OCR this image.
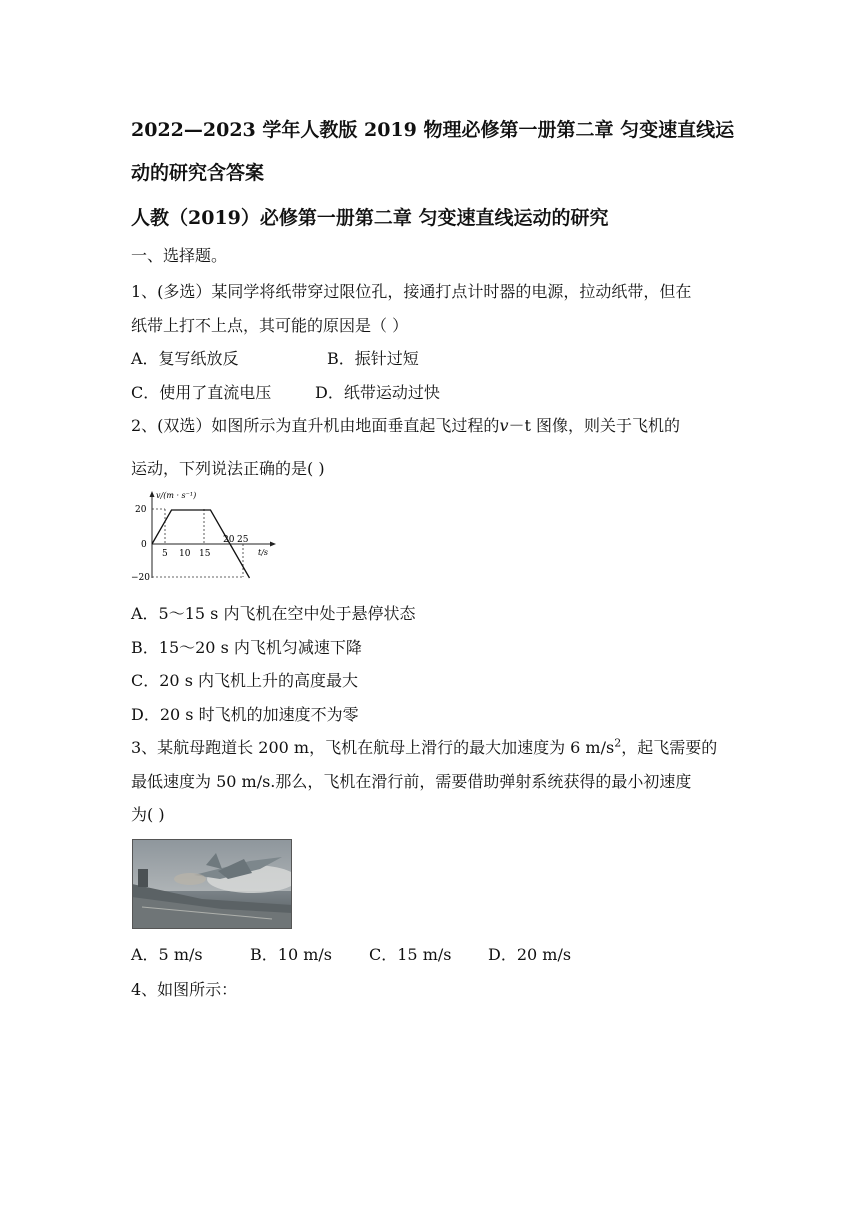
2022—2023 学年人教版 2019 物理必修第一册第二章 匀变速直线运
动的研究含答案
人教（2019）必修第一册第二章 匀变速直线运动的研究
一、选择题。
1、(多选）某同学将纸带穿过限位孔，接通打点计时器的电源，拉动纸带，但在
纸带上打不上点，其可能的原因是（ ）
A．复写纸放反	B．振针过短
C．使用了直流电压	D．纸带运动过快
2、(双选）如图所示为直升机由地面垂直起飞过程的v－t 图像，则关于飞机的
运动，下列说法正确的是( )
20
0
−20
5 10 15
20 25
v/(m · s⁻¹)
t/s
A．5～15 s 内飞机在空中处于悬停状态
B．15～20 s 内飞机匀减速下降
C．20 s 内飞机上升的高度最大
D．20 s 时飞机的加速度不为零
3、某航母跑道长 200 m，飞机在航母上滑行的最大加速度为 6 $m/s^2$，起飞需要的
最低速度为 50 m/s.那么，飞机在滑行前，需要借助弹射系统获得的最小初速度
为( )
A．5 m/s	B．10 m/s C．15 m/s D．20 m/s
4、如图所示：
